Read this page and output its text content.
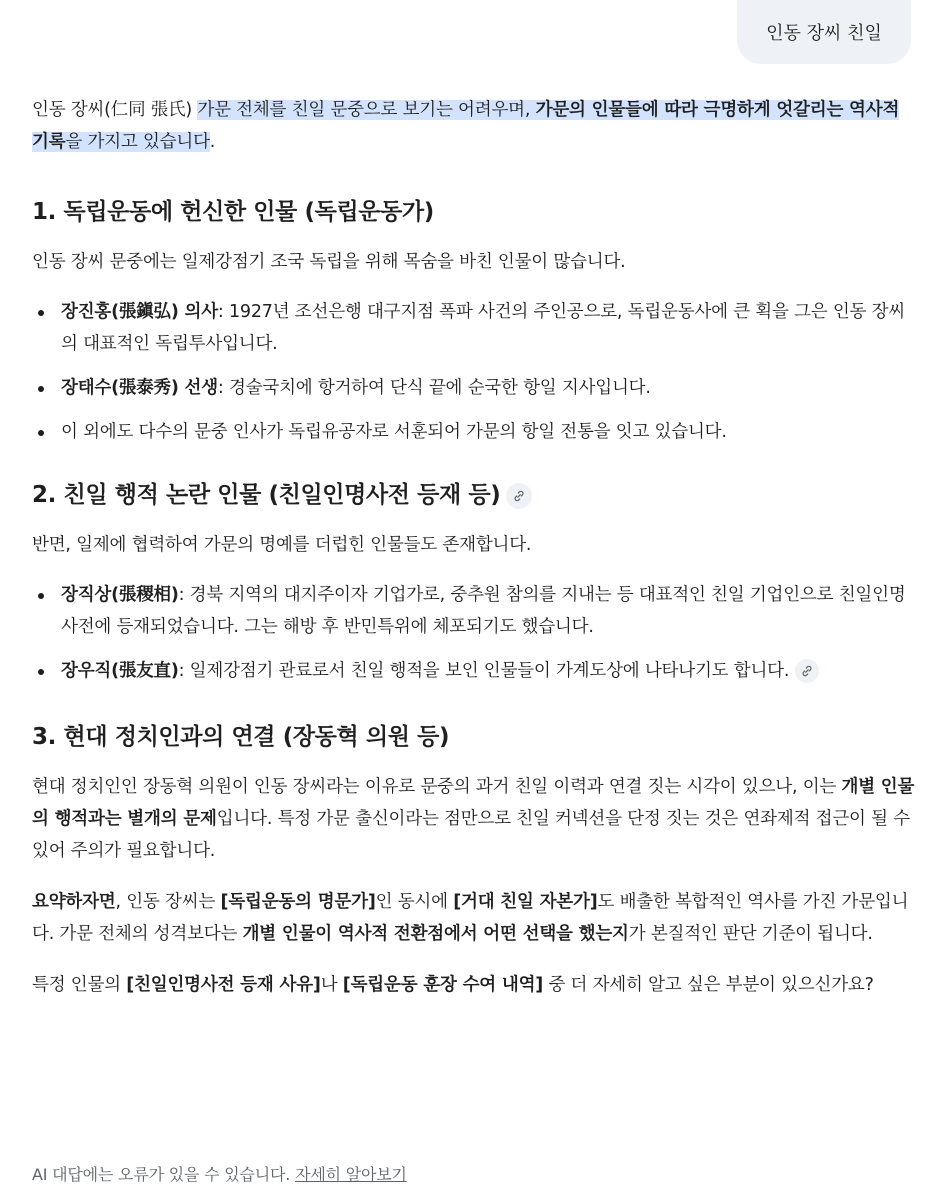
인동 장씨 친일

인동 장씨(仁同 張氏) 가문 전체를 친일 문중으로 보기는 어려우며, 가문의 인물들에 따라 극명하게 엇갈리는 역사적 기록을 가지고 있습니다.

1. 독립운동에 헌신한 인물 (독립운동가)

인동 장씨 문중에는 일제강점기 조국 독립을 위해 목숨을 바친 인물이 많습니다.

장진홍(張鎭弘) 의사: 1927년 조선은행 대구지점 폭파 사건의 주인공으로, 독립운동사에 큰 획을 그은 인동 장씨의 대표적인 독립투사입니다.
장태수(張泰秀) 선생: 경술국치에 항거하여 단식 끝에 순국한 항일 지사입니다.
이 외에도 다수의 문중 인사가 독립유공자로 서훈되어 가문의 항일 전통을 잇고 있습니다.
2. 친일 행적 논란 인물 (친일인명사전 등재 등)

반면, 일제에 협력하여 가문의 명예를 더럽힌 인물들도 존재합니다.

장직상(張稷相): 경북 지역의 대지주이자 기업가로, 중추원 참의를 지내는 등 대표적인 친일 기업인으로 친일인명사전에 등재되었습니다. 그는 해방 후 반민특위에 체포되기도 했습니다.
장우직(張友直): 일제강점기 관료로서 친일 행적을 보인 인물들이 가계도상에 나타나기도 합니다.
3. 현대 정치인과의 연결 (장동혁 의원 등)

현대 정치인인 장동혁 의원이 인동 장씨라는 이유로 문중의 과거 친일 이력과 연결 짓는 시각이 있으나, 이는 개별 인물의 행적과는 별개의 문제입니다. 특정 가문 출신이라는 점만으로 친일 커넥션을 단정 짓는 것은 연좌제적 접근이 될 수 있어 주의가 필요합니다.

요약하자면, 인동 장씨는 [독립운동의 명문가]인 동시에 [거대 친일 자본가]도 배출한 복합적인 역사를 가진 가문입니다. 가문 전체의 성격보다는 개별 인물이 역사적 전환점에서 어떤 선택을 했는지가 본질적인 판단 기준이 됩니다.

특정 인물의 [친일인명사전 등재 사유]나 [독립운동 훈장 수여 내역] 중 더 자세히 알고 싶은 부분이 있으신가요?

AI 대답에는 오류가 있을 수 있습니다. 자세히 알아보기
